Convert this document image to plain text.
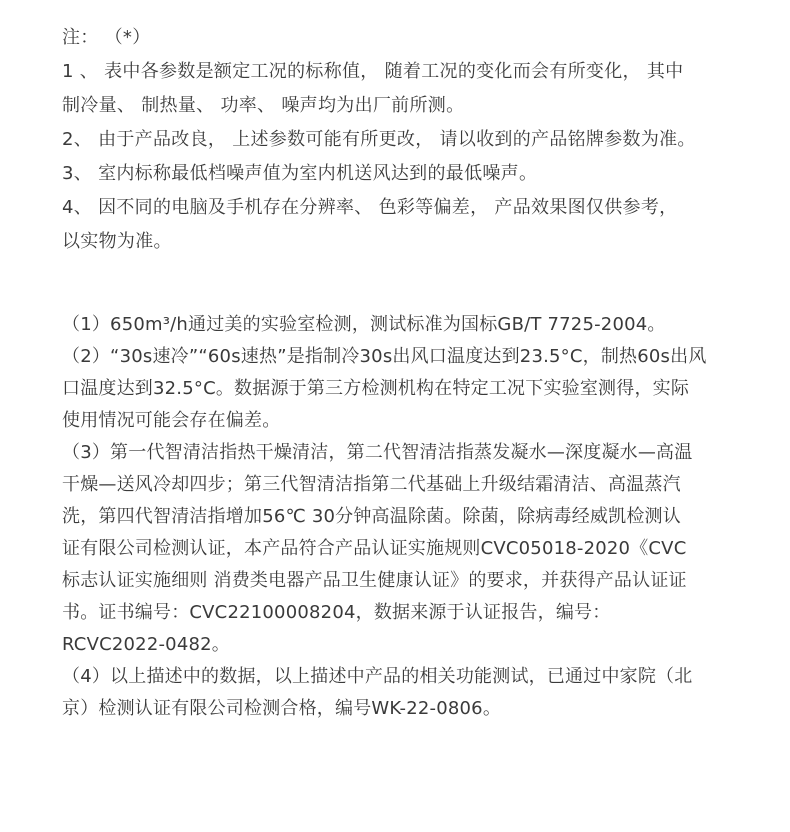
注： （*）

1 、 表中各参数是额定工况的标称值， 随着工况的变化而会有所变化， 其中

制冷量、 制热量、 功率、 噪声均为出厂前所测。

2、 由于产品改良， 上述参数可能有所更改， 请以收到的产品铭牌参数为准。

3、 室内标称最低档噪声值为室内机送风达到的最低噪声。

4、 因不同的电脑及手机存在分辨率、 色彩等偏差， 产品效果图仅供参考，

以实物为准。

（1）650m³/h通过美的实验室检测，测试标准为国标GB/T 7725-2004。

（2）“30s速冷”“60s速热”是指制冷30s出风口温度达到23.5°C，制热60s出风

口温度达到32.5°C。数据源于第三方检测机构在特定工况下实验室测得，实际

使用情况可能会存在偏差。

（3）第一代智清洁指热干燥清洁，第二代智清洁指蒸发凝水—深度凝水—高温

干燥—送风冷却四步；第三代智清洁指第二代基础上升级结霜清洁、高温蒸汽

洗，第四代智清洁指增加56℃ 30分钟高温除菌。除菌，除病毒经威凯检测认

证有限公司检测认证，本产品符合产品认证实施规则CVC05018-2020《CVC

标志认证实施细则 消费类电器产品卫生健康认证》的要求，并获得产品认证证

书。证书编号：CVC22100008204，数据来源于认证报告，编号：

RCVC2022-0482。

（4）以上描述中的数据，以上描述中产品的相关功能测试，已通过中家院（北

京）检测认证有限公司检测合格，编号WK-22-0806。
